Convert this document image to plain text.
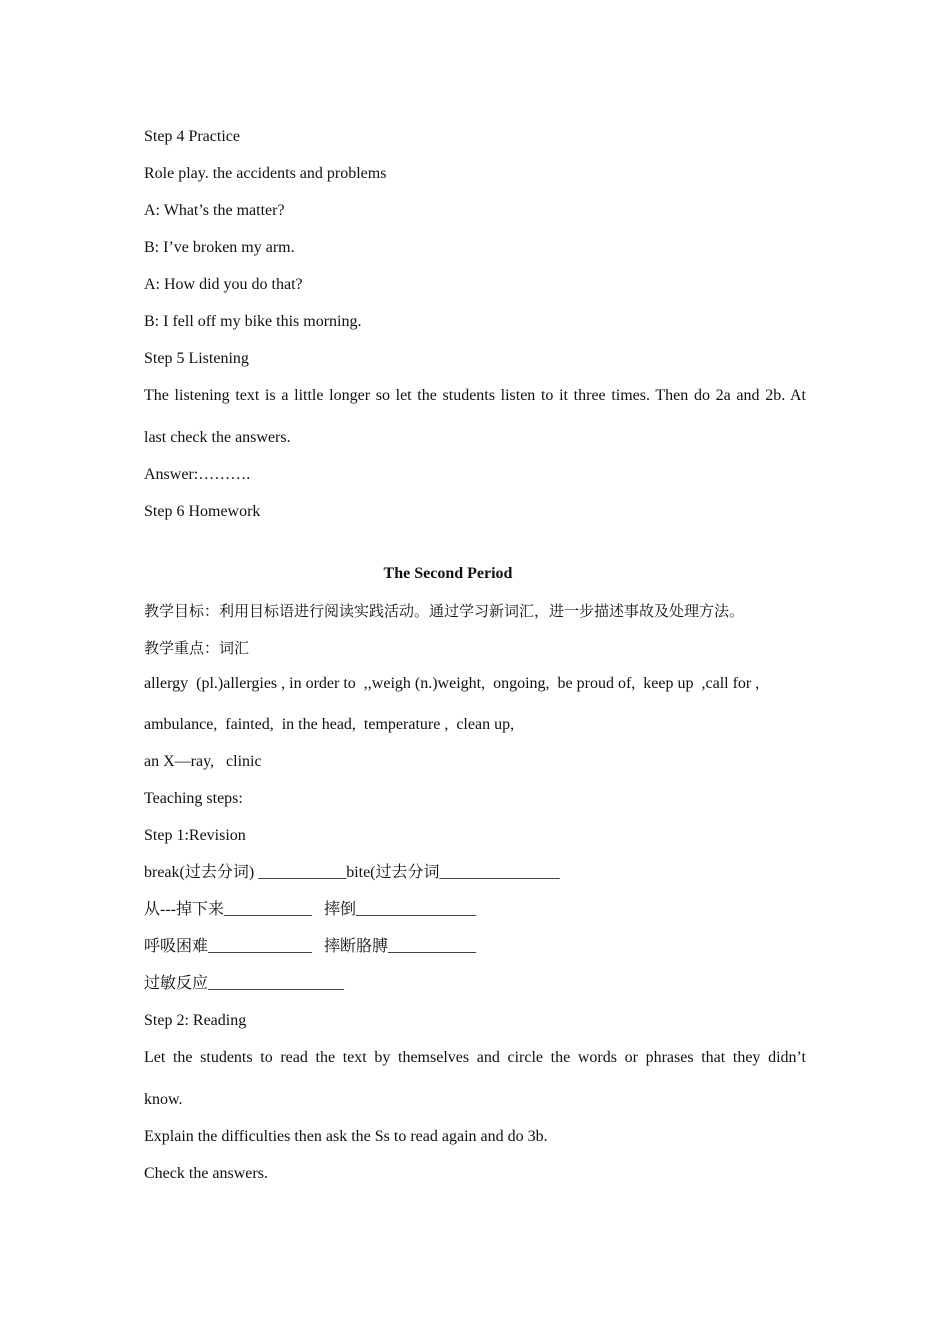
Step 4 Practice
Role play. the accidents and problems
A: What’s the matter?
B: I’ve broken my arm.
A: How did you do that?
B: I fell off my bike this morning.
Step 5 Listening
The listening text is a little longer so let the students listen to it three times. Then do 2a and 2b. At
last check the answers.
Answer:……….
Step 6 Homework
The Second Period
教学目标：利用目标语进行阅读实践活动。通过学习新词汇，进一步描述事故及处理方法。
教学重点：词汇
allergy  (pl.)allergies , in order to  ,,weigh (n.)weight,  ongoing,  be proud of,  keep up  ,call for ,
ambulance,  fainted,  in the head,  temperature ,  clean up,
an X—ray,   clinic
Teaching steps:
Step 1:Revision
break(过去分词) ___________bite(过去分词_______________
从---掉下来___________   摔倒_______________
呼吸困难_____________   摔断胳膊___________
过敏反应_________________
Step 2: Reading
Let the students to read the text by themselves and circle the words or phrases that they didn’t
know.
Explain the difficulties then ask the Ss to read again and do 3b.
Check the answers.
